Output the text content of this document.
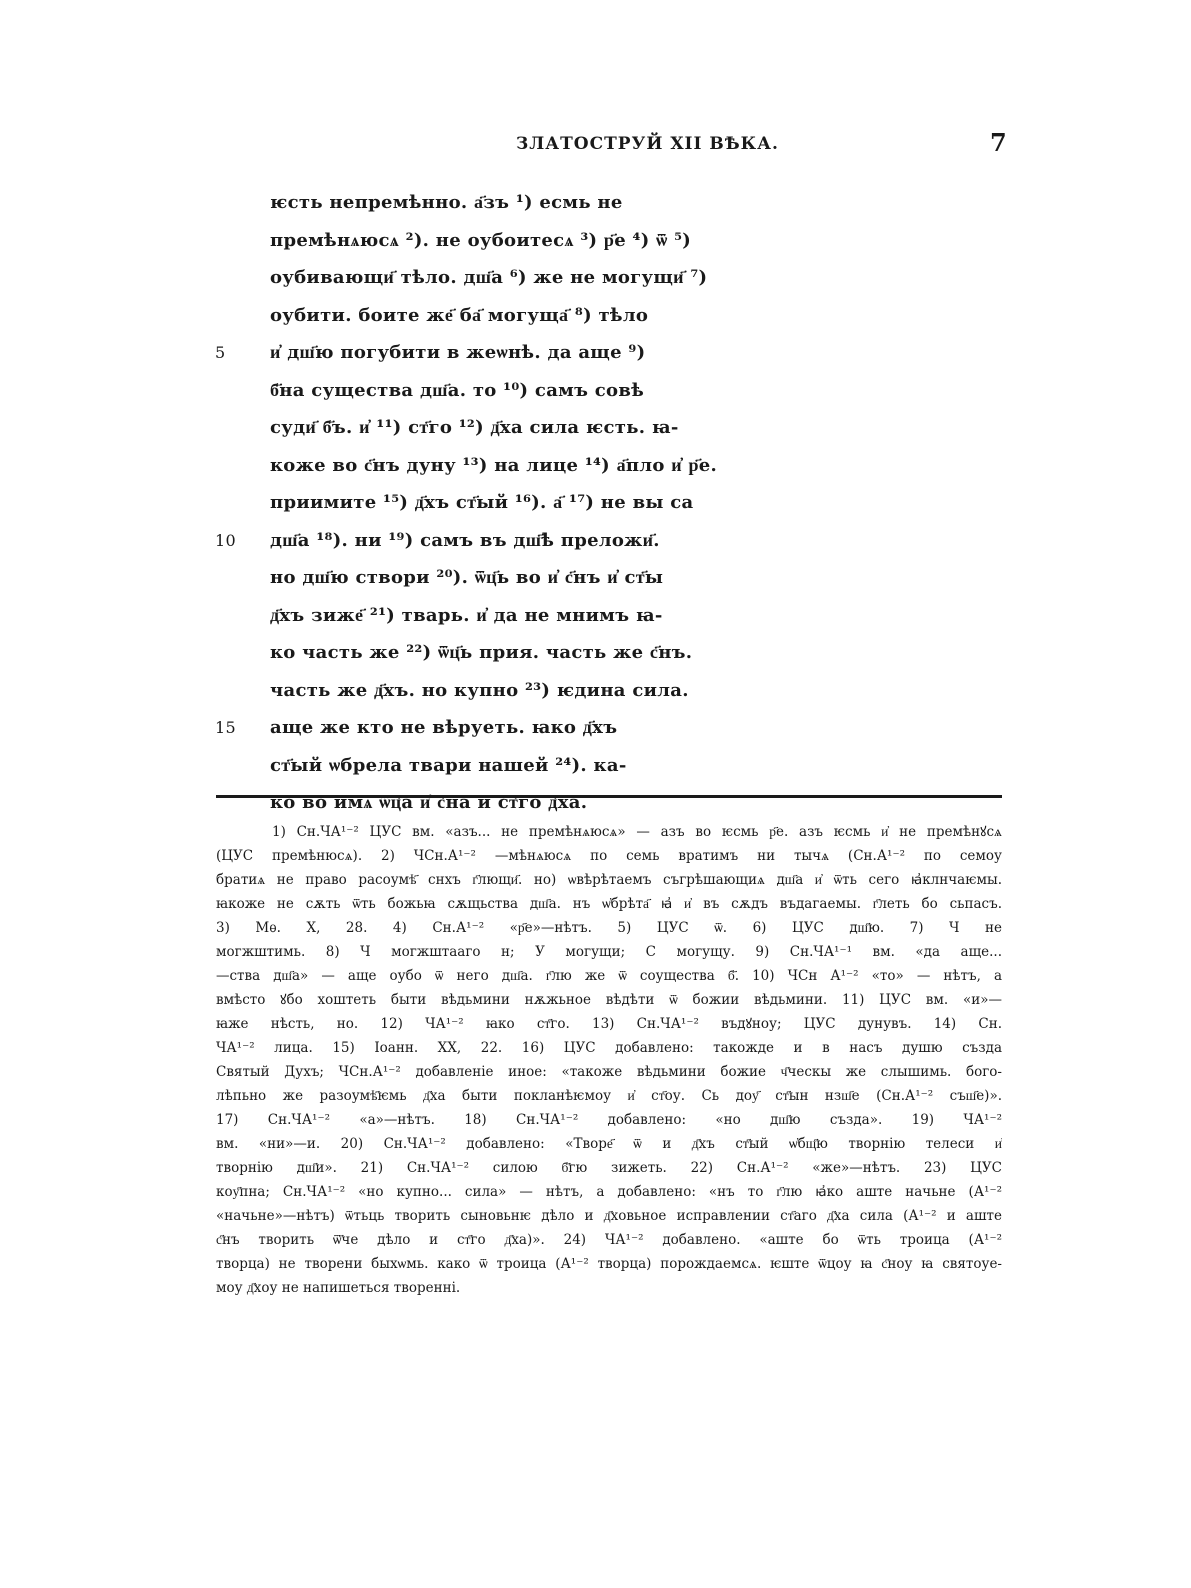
ЗЛАТОСТРУЙ XII ВѢКА.	7
ѥсть непремѣнно. а҃зъ ¹) есмь не
премѣнѧюсѧ ²). не оубоитесѧ ³) р҃е ⁴) ѿ ⁵)
оубивающи҃ тѣло. дш҃а ⁶) же не могущи҃ ⁷)
оубити. боите же҃ ба҃ могуща҃ ⁸) тѣло
5 и҆ дш҃ю погубити в жеѡнѣ. да аще ⁹)
б҃на существа дш҃а. то ¹⁰) самъ совѣ
суди҃ б҃ъ. и҆ ¹¹) ст҃го ¹²) д҃ха сила ѥсть. ꙗ-
коже во с҃нъ дуну ¹³) на лице ¹⁴) а҃пло и҆ р҃е.
приимите ¹⁵) д҃хъ ст҃ый ¹⁶). а҃ ¹⁷) не вы са
10 дш҃а ¹⁸). ни ¹⁹) самъ въ дш҃ѣ преложи҃.
но дш҃ю створи ²⁰). ѿц҃ь во и҆ с҃нъ и҆ ст҃ы
д҃хъ зиже҃ ²¹) тварь. и҆ да не мнимъ ꙗ-
ко часть же ²²) ѿц҃ь прия. часть же с҃нъ.
часть же д҃хъ. но купно ²³) ѥдина сила.
15 аще же кто не вѣруеть. ꙗко д҃хъ
ст҃ый ѡбрела твари нашей ²⁴). ка-
ко во имѧ ѿц҃а и҆ с҃на и ст҃го д҃ха.
1) Сн.ЧА¹⁻² ЦУС вм. «азъ... не премѣнѧюсѧ» — азъ во ѥсмь р҃е. азъ ѥсмь и҆ не премѣнꙋсѧ
(ЦУС премѣнюсѧ). 2) ЧСн.А¹⁻² —мѣнѧюсѧ по семь вратимъ ни тычѧ (Сн.А¹⁻² по семоу
братиѧ не право расоумѣ҃ снхъ г҃лющи҃. но) ѡвѣрѣтаемъ съгрѣшающиѧ дш҃а и҆ ѿть сего ꙗ҆клнчаѥмы.
ꙗкоже не сѫть ѿть божьꙗ сѫщьства дш҃а. нъ ѡ҆брѣта҃ ꙗ҆ и҆ въ сѫдъ въдагаемы. г҃леть бо сьпасъ.
3) Мѳ. X, 28. 4) Сн.А¹⁻² «р҃е»—нѣтъ. 5) ЦУС ѿ. 6) ЦУС дш҃ю. 7) Ч не
могжштимь. 8) Ч могжштааго н; У могущи; С могущу. 9) Сн.ЧА¹⁻¹ вм. «да аще...
—ства дш҃а» — аще оубо ѿ него дш҃а. г҃лю же ѿ соущества б҃. 10) ЧСн А¹⁻² «то» — нѣтъ, а
вмѣсто ꙋбо хоштеть быти вѣдьмини нѫжьное вѣдѣти ѿ божии вѣдьмини. 11) ЦУС вм. «и»—
ꙗже нѣсть, но. 12) ЧА¹⁻² ꙗко ст҃го. 13) Сн.ЧА¹⁻² въдꙋноу; ЦУС дунувъ. 14) Сн.
ЧА¹⁻² лица. 15) Іоанн. XX, 22. 16) ЦУС добавлено: такожде и в насъ душю създа
Святый Духъ; ЧСн.А¹⁻² добавленіе иное: «такоже вѣдьмини божие ч҃ческы же слышимь. бого-
лѣпьно же разоумѣ҃ѥмь д҃ха быти покланѣѥмоу и҆ ст҃оу. Сь доу҃ ст҃ын нзш҃е (Сн.А¹⁻² съш҃е)».
17) Сн.ЧА¹⁻² «а»—нѣтъ. 18) Сн.ЧА¹⁻² добавлено: «но дш҃ю създа». 19) ЧА¹⁻²
вм. «ни»—и. 20) Сн.ЧА¹⁻² добавлено: «Творе҃ ѿ и д҃хъ ст҃ый ѡ҆бщ҃ю творнію телеси и҆
творнію дш҃и». 21) Сн.ЧА¹⁻² силою б҃гю зижеть. 22) Сн.А¹⁻² «же»—нѣтъ. 23) ЦУС
коу҃пна; Сн.ЧА¹⁻² «но купно... сила» — нѣтъ, а добавлено: «нъ то г҃лю ꙗ҆ко аште начьне (А¹⁻²
«начьне»—нѣтъ) ѿтьць творить сыновьнѥ дѣло и д҃ховьное исправлении ст҃аго д҃ха сила (А¹⁻² и аште
с҃нъ творить ѿ҃че дѣло и ст҃го д҃ха)». 24) ЧА¹⁻² добавлено. «аште бо ѿть троица (А¹⁻²
творца) не творени быхѡмь. како ѿ троица (А¹⁻² творца) порождаемсѧ. ѥште ѿцоу ꙗ с҃ноу ꙗ святоуе-
моу д҃хоу не напишеться творенні.
